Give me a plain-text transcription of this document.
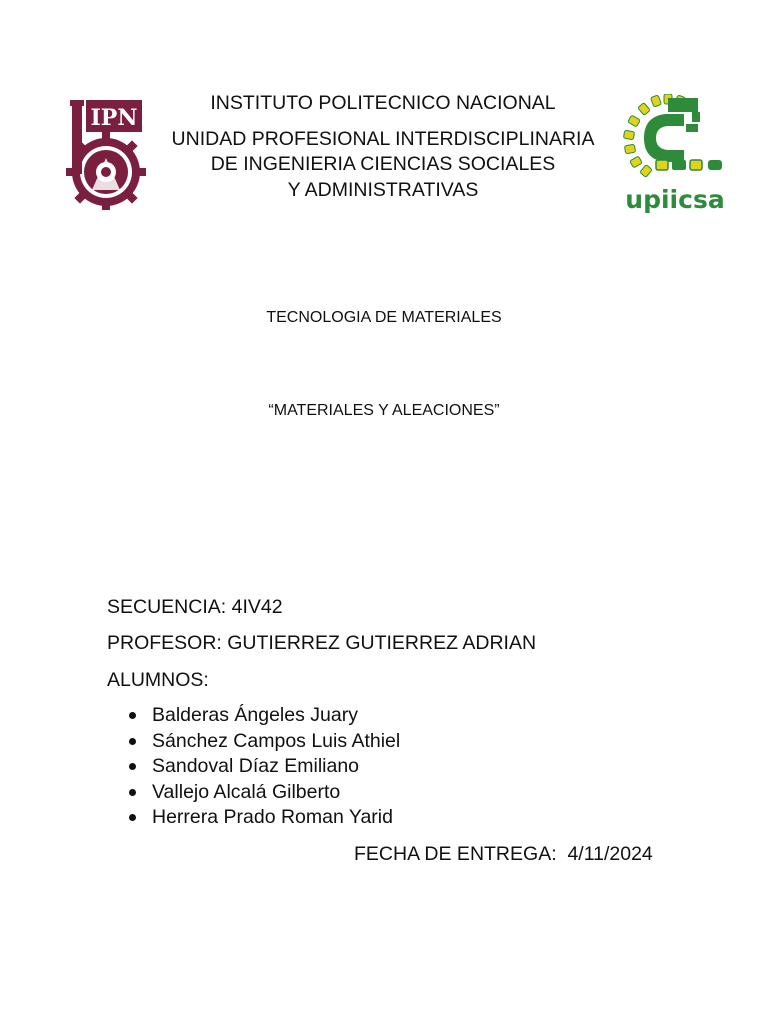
IPN
INSTITUTO POLITECNICO NACIONAL
UNIDAD PROFESIONAL INTERDISCIPLINARIA
DE INGENIERIA CIENCIAS SOCIALES
Y ADMINISTRATIVAS	upiicsa
TECNOLOGIA DE MATERIALES
“MATERIALES Y ALEACIONES”
SECUENCIA: 4IV42
PROFESOR: GUTIERREZ GUTIERREZ ADRIAN
ALUMNOS:
Balderas Ángeles Juary
Sánchez Campos Luis Athiel
Sandoval Díaz Emiliano
Vallejo Alcalá Gilberto
Herrera Prado Roman Yarid
FECHA DE ENTREGA:  4/11/2024
